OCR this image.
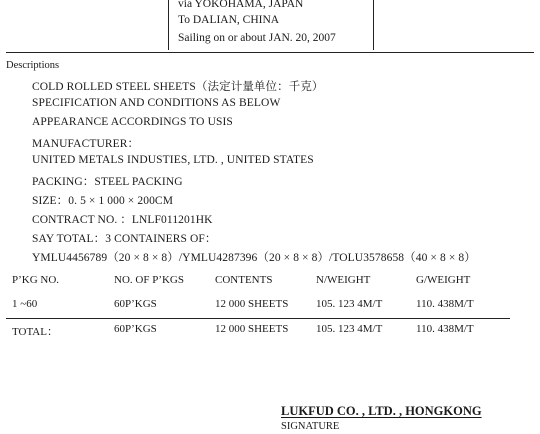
via YOKOHAMA, JAPAN
To DALIAN, CHINA
Sailing on or about JAN. 20, 2007
Descriptions
COLD ROLLED STEEL SHEETS（法定计量单位：千克）
SPECIFICATION AND CONDITIONS AS BELOW
APPEARANCE ACCORDINGS TO USIS
MANUFACTURER：
UNITED METALS INDUSTIES, LTD. , UNITED STATES
PACKING：STEEL PACKING
SIZE：0. 5 × 1 000 × 200CM
CONTRACT NO. ：LNLF011201HK
SAY TOTAL：3 CONTAINERS OF：
YMLU4456789（20 × 8 × 8）/YMLU4287396（20 × 8 × 8）/TOLU3578658（40 × 8 × 8）
P’KG NO.	NO. OF P’KGS	CONTENTS	N/WEIGHT	G/WEIGHT
1 ~60	60P’KGS	12 000 SHEETS	105. 123 4M/T	110. 438M/T
TOTAL：	60P’KGS	12 000 SHEETS	105. 123 4M/T	110. 438M/T
LUKFUD CO. , LTD. , HONGKONG
SIGNATURE
